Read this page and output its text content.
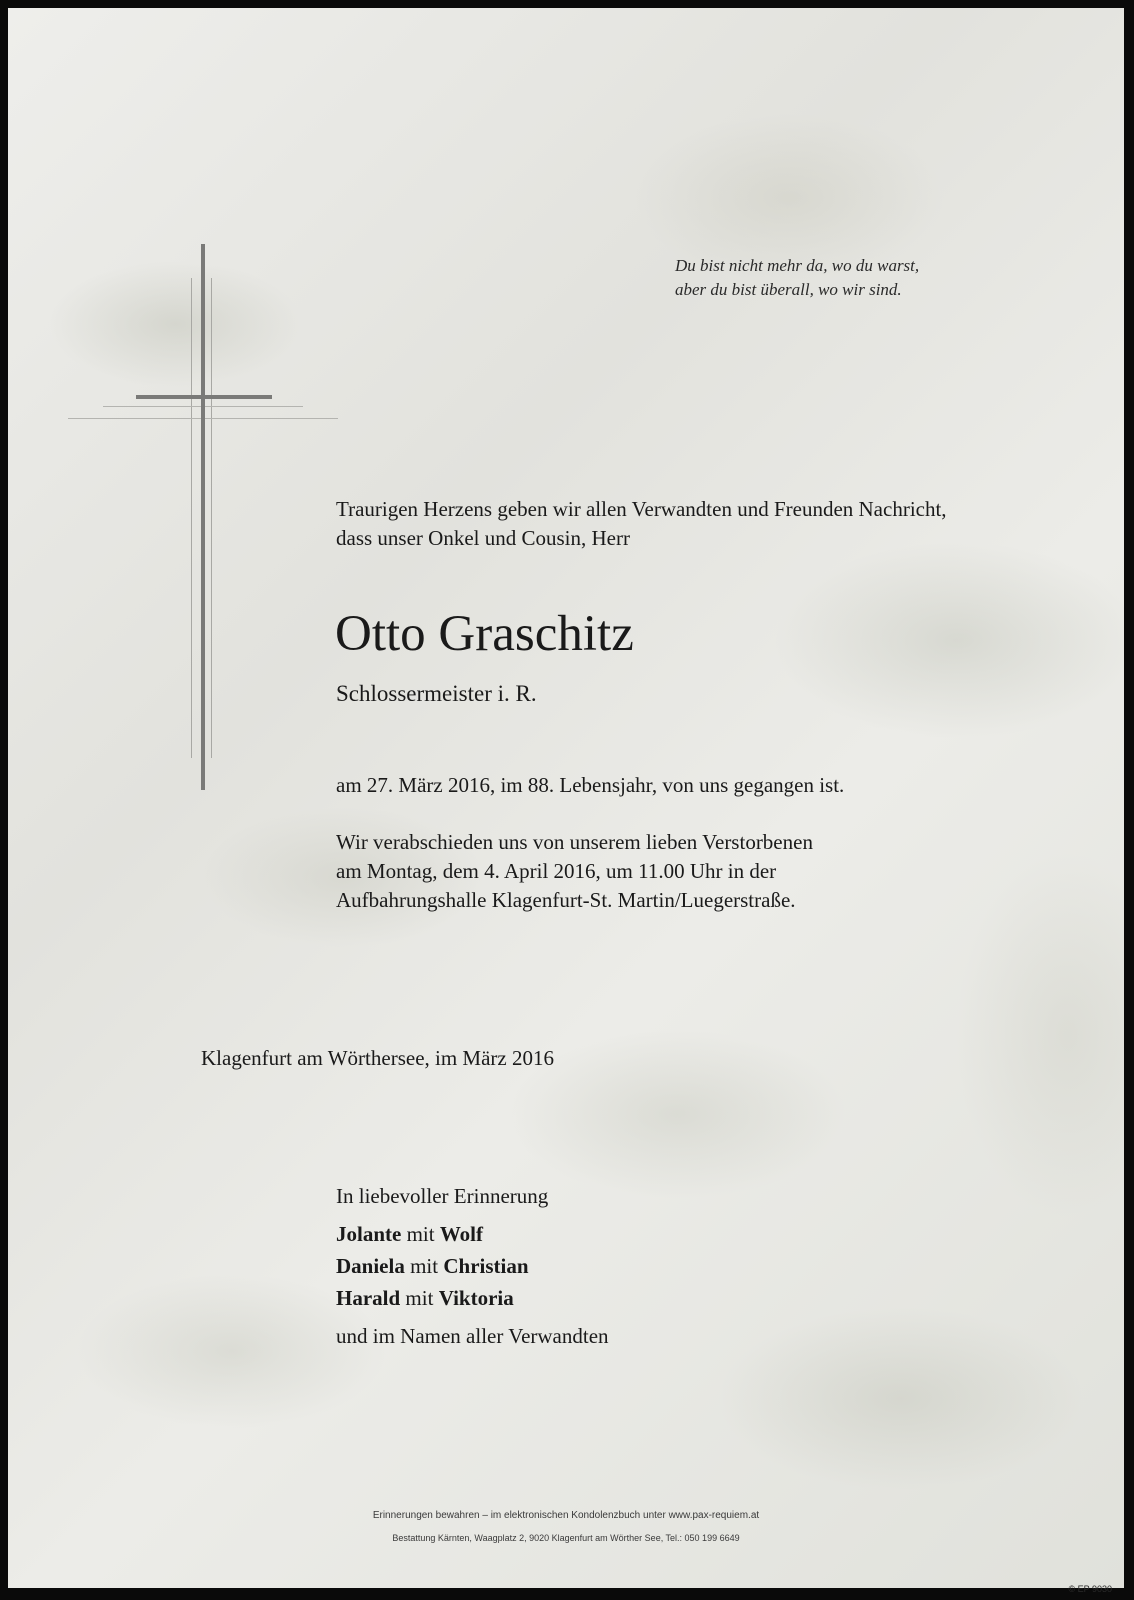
Du bist nicht mehr da, wo du warst,
aber du bist überall, wo wir sind.
Traurigen Herzens geben wir allen Verwandten und Freunden Nachricht,
dass unser Onkel und Cousin, Herr
Otto Graschitz
Schlossermeister i. R.
am 27. März 2016, im 88. Lebensjahr, von uns gegangen ist.
Wir verabschieden uns von unserem lieben Verstorbenen
am Montag, dem 4. April 2016, um 11.00 Uhr in der
Aufbahrungshalle Klagenfurt-St. Martin/Luegerstraße.
Klagenfurt am Wörthersee, im März 2016
In liebevoller Erinnerung
Jolante mit Wolf
Daniela mit Christian
Harald mit Viktoria
und im Namen aller Verwandten
Erinnerungen bewahren – im elektronischen Kondolenzbuch unter www.pax-requiem.at
Bestattung Kärnten, Waagplatz 2, 9020 Klagenfurt am Wörther See, Tel.: 050 199 6649
© EP 9030
